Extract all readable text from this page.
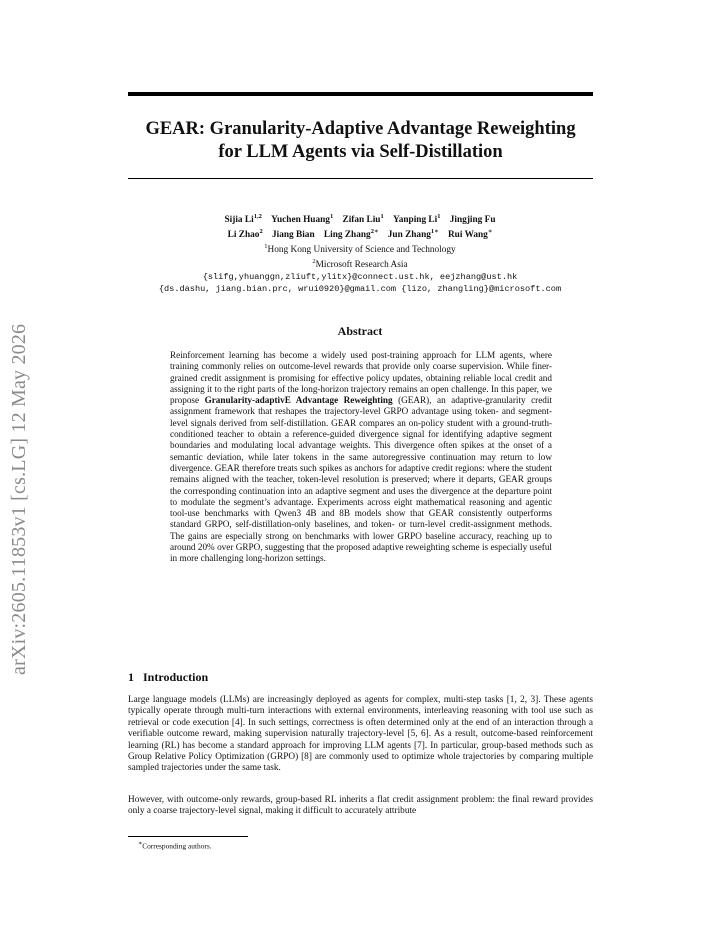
arXiv:2605.11853v1 [cs.LG] 12 May 2026
GEAR: Granularity-Adaptive Advantage Reweighting
for LLM Agents via Self-Distillation
Sijia Li$^{1,2}$ Yuchen Huang$^1$ Zifan Liu$^1$ Yanping Li$^1$ Jingjing Fu
Li Zhao$^2$ Jiang Bian Ling Zhang$^{2∗}$ Jun Zhang$^{1∗}$ Rui Wang∗
$^1$Hong Kong University of Science and Technology
$^2$Microsoft Research Asia
{slifg,yhuanggn,zliuft,ylitx}@connect.ust.hk, eejzhang@ust.hk
{ds.dashu, jiang.bian.prc, wrui0920}@gmail.com {lizo, zhangling}@microsoft.com
Abstract
Reinforcement learning has become a widely used post-training approach for LLM agents, where training commonly relies on outcome-level rewards that provide only coarse supervision. While finer-grained credit assignment is promising for effective policy updates, obtaining reliable local credit and assigning it to the right parts of the long-horizon trajectory remains an open challenge. In this paper, we propose Granularity-adaptivE Advantage Reweighting (GEAR), an adaptive-granularity credit assignment framework that reshapes the trajectory-level GRPO advantage using token- and segment-level signals derived from self-distillation. GEAR compares an on-policy student with a ground-truth-conditioned teacher to obtain a reference-guided divergence signal for identifying adaptive segment boundaries and modulating local advantage weights. This divergence often spikes at the onset of a semantic deviation, while later tokens in the same autoregressive continuation may return to low divergence. GEAR therefore treats such spikes as anchors for adaptive credit regions: where the student remains aligned with the teacher, token-level resolution is preserved; where it departs, GEAR groups the corresponding continuation into an adaptive segment and uses the divergence at the departure point to modulate the segment’s advantage. Experiments across eight mathematical reasoning and agentic tool-use benchmarks with Qwen3 4B and 8B models show that GEAR consistently outperforms standard GRPO, self-distillation-only baselines, and token- or turn-level credit-assignment methods. The gains are especially strong on benchmarks with lower GRPO baseline accuracy, reaching up to around 20% over GRPO, suggesting that the proposed adaptive reweighting scheme is especially useful in more challenging long-horizon settings.
1 Introduction
Large language models (LLMs) are increasingly deployed as agents for complex, multi-step tasks [1, 2, 3]. These agents typically operate through multi-turn interactions with external environments, interleaving reasoning with tool use such as retrieval or code execution [4]. In such settings, correctness is often determined only at the end of an interaction through a verifiable outcome reward, making supervision naturally trajectory-level [5, 6]. As a result, outcome-based reinforcement learning (RL) has become a standard approach for improving LLM agents [7]. In particular, group-based methods such as Group Relative Policy Optimization (GRPO) [8] are commonly used to optimize whole trajectories by comparing multiple sampled trajectories under the same task.
However, with outcome-only rewards, group-based RL inherits a flat credit assignment problem: the final reward provides only a coarse trajectory-level signal, making it difficult to accurately attribute
∗Corresponding authors.
